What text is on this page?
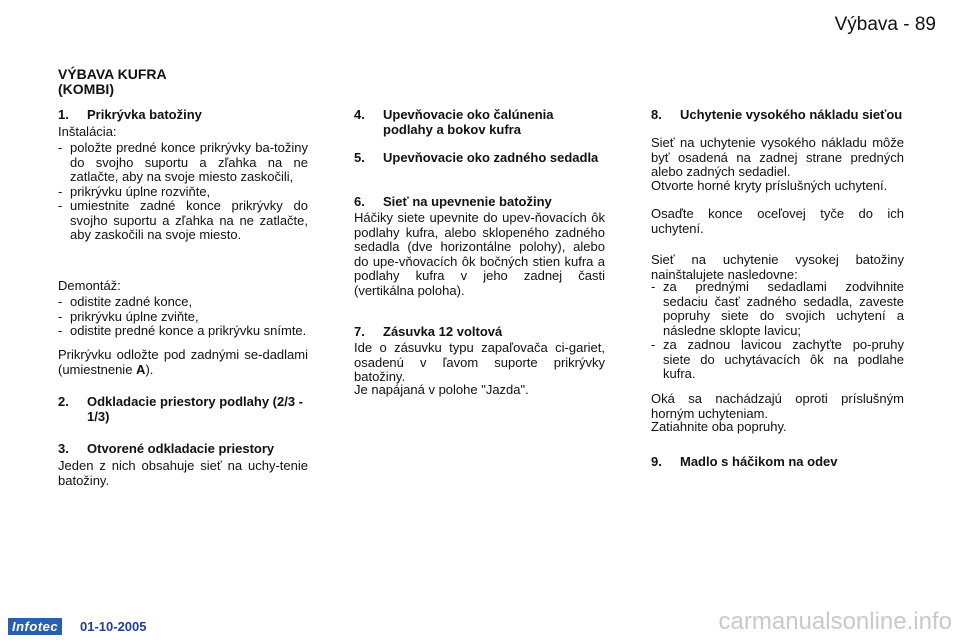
Výbava - 89
VÝBAVA KUFRA
(KOMBI)
1.	Prikrývka batožiny
Inštalácia:
- položte predné konce prikrývky ba-tožiny do svojho suportu a zľahka na ne zatlačte, aby na svoje miesto zaskočili,
- prikrývku úplne rozviňte,
- umiestnite zadné konce prikrývky do svojho suportu a zľahka na ne zatlačte, aby zaskočili na svoje miesto.
Demontáž:
- odistite zadné konce,
- prikrývku úplne zviňte,
- odistite predné konce a prikrývku snímte.
Prikrývku odložte pod zadnými se-dadlami (umiestnenie A).
2.	Odkladacie priestory podlahy (2/3 - 1/3)
3.	Otvorené odkladacie priestory
Jeden z nich obsahuje sieť na uchy-tenie batožiny.
4.	Upevňovacie oko čalúnenia podlahy a bokov kufra
5.	Upevňovacie oko zadného sedadla
6.	Sieť na upevnenie batožiny
Háčiky siete upevnite do upev-ňovacích ôk podlahy kufra, alebo sklopeného zadného sedadla (dve horizontálne polohy), alebo do upe-vňovacích ôk bočných stien kufra a podlahy kufra v jeho zadnej časti (vertikálna poloha).
7.	Zásuvka 12 voltová
Ide o zásuvku typu zapaľovača ci-gariet, osadenú v ľavom suporte prikrývky batožiny.
Je napájaná v polohe "Jazda".
8.	Uchytenie vysokého nákladu sieťou
Sieť na uchytenie vysokého nákladu môže byť osadená na zadnej strane predných alebo zadných sedadiel.
Otvorte horné kryty príslušných uchytení.
Osaďte konce oceľovej tyče do ich uchytení.
Sieť na uchytenie vysokej batožiny nainštalujete nasledovne:
- za prednými sedadlami zodvihnite sedaciu časť zadného sedadla, zaveste popruhy siete do svojich uchytení a následne sklopte lavicu;
- za zadnou lavicou zachyťte po-pruhy siete do uchytávacích ôk na podlahe kufra.
Oká sa nachádzajú oproti príslušným horným uchyteniam.
Zatiahnite oba popruhy.
9.	Madlo s háčikom na odev
Infotec	01-10-2005	carmanualsonline.info
